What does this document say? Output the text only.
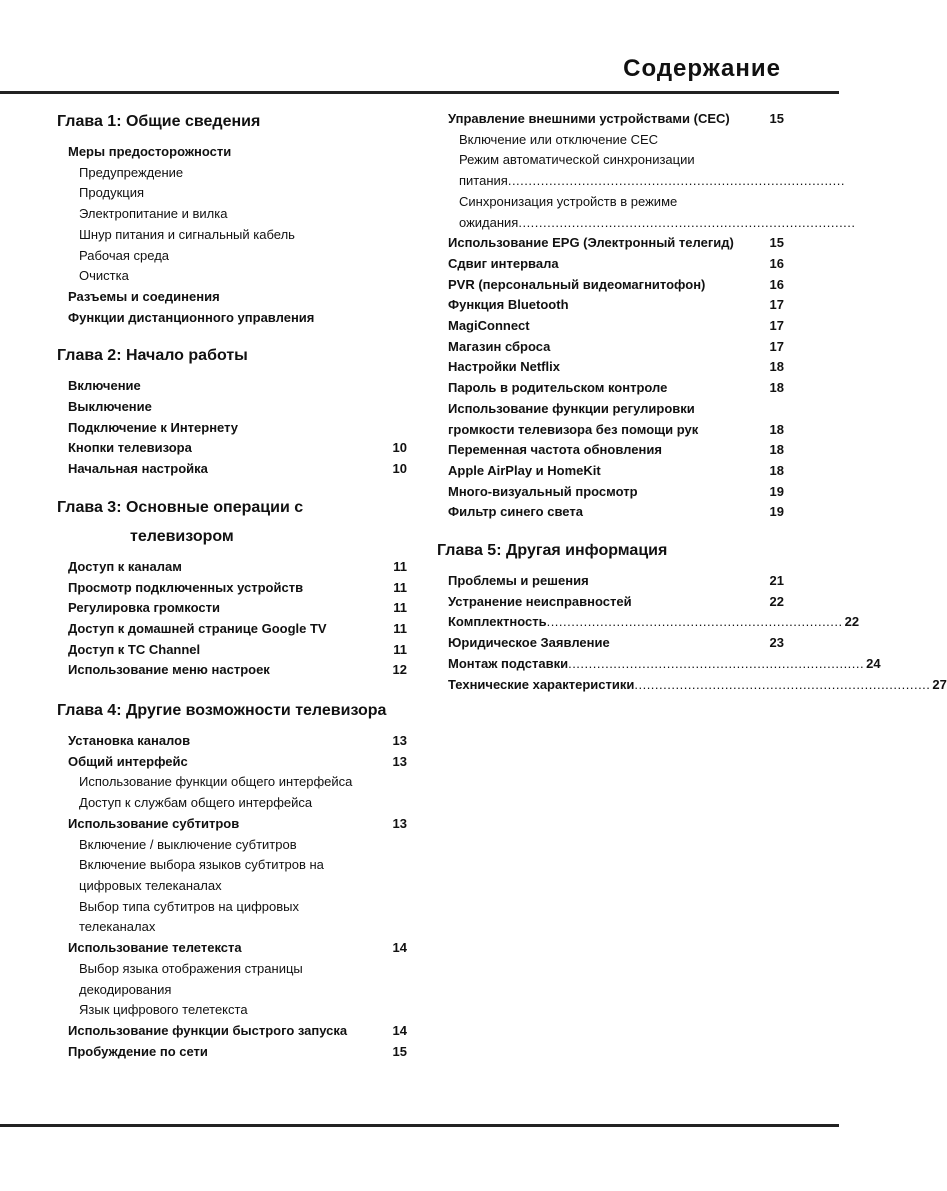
Содержание
Глава 1: Общие сведения
Меры предосторожности
Предупреждение
Продукция
Электропитание и вилка
Шнур питания и сигнальный кабель
Рабочая среда
Очистка
Разъемы и соединения
Функции дистанционного управления
Глава 2: Начало работы
Включение
Выключение
Подключение к Интернету
Кнопки телевизора	10
Начальная настройка	10
Глава 3: Основные операции с
телевизором
Доступ к каналам	11
Просмотр подключенных устройств	11
Регулировка громкости	11
Доступ к домашней странице Google TV	11
Доступ к TC Channel	11
Использование меню настроек	12
Глава 4: Другие возможности телевизора
Установка каналов	13
Общий интерфейс	13
Использование функции общего интерфейса
Доступ к службам общего интерфейса
Использование субтитров	13
Включение / выключение субтитров
Включение выбора языков субтитров на
цифровых телеканалах
Выбор типа субтитров на цифровых
телеканалах
Использование телетекста	14
Выбор языка отображения страницы
декодирования
Язык цифрового телетекста
Использование функции быстрого запуска	14
Пробуждение по сети	15
Управление внешними устройствами (CEC)	15
Включение или отключение CEC
Режим автоматической синхронизации
питания ..................................................................................
Синхронизация устройств в режиме
ожидания ..................................................................................
Использование EPG (Электронный телегид)	15
Сдвиг интервала	16
PVR (персональный видеомагнитофон)	16
Функция Bluetooth	17
MagiConnect	17
Магазин сброса	17
Настройки Netflix	18
Пароль в родительском контроле	18
Использование функции регулировки
громкости телевизора без помощи рук	18
Переменная частота обновления	18
Apple AirPlay и HomeKit	18
Много-визуальный просмотр	19
Фильтр синего света	19
Глава 5: Другая информация
Проблемы и решения	21
Устранение неисправностей	22
Комплектность ........................................................................ 22
Юридическое Заявление	23
Монтаж подставки ........................................................................ 24
Технические характеристики ........................................................................ 27
